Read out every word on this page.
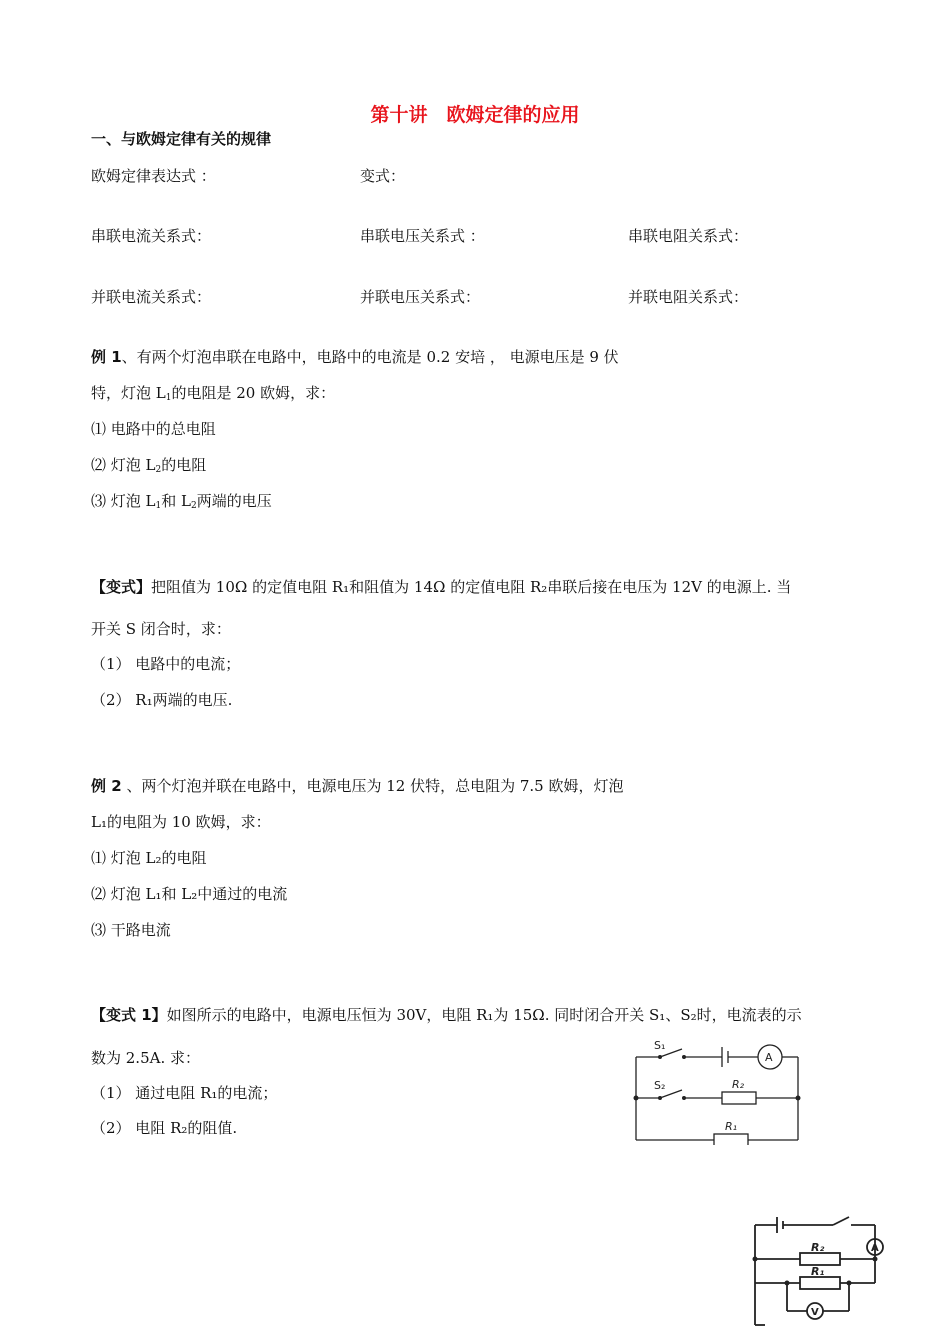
第十讲　欧姆定律的应用
一、与欧姆定律有关的规律
欧姆定律表达式 ：	变式：
串联电流关系式：	串联电压关系式 ：	串联电阻关系式：
并联电流关系式：	并联电压关系式：	并联电阻关系式：
例 1、有两个灯泡串联在电路中，电路中的电流是 0.2 安培 ， 电源电压是 9 伏
特，灯泡 $L_1$的电阻是 20 欧姆，求：
⑴ 电路中的总电阻
⑵ 灯泡 $L_2$的电阻
⑶ 灯泡 $L_1$和 $L_2$两端的电压
【变式】把阻值为 10Ω 的定值电阻 R₁和阻值为 14Ω 的定值电阻 R₂串联后接在电压为 12V 的电源上. 当
开关 S 闭合时，求：
（1） 电路中的电流；
（2） R₁两端的电压.
例 2 、两个灯泡并联在电路中，电源电压为 12 伏特，总电阻为 7.5 欧姆，灯泡
L₁的电阻为 10 欧姆，求：
⑴ 灯泡 L₂的电阻
⑵ 灯泡 L₁和 L₂中通过的电流
⑶ 干路电流
【变式 1】如图所示的电路中，电源电压恒为 30V，电阻 R₁为 15Ω. 同时闭合开关 S₁、S₂时，电流表的示
数为 2.5A. 求：
（1） 通过电阻 R₁的电流；
（2） 电阻 R₂的阻值.
S₁
S₂	R₂
R₁
A
R₂
R₁
A
V
